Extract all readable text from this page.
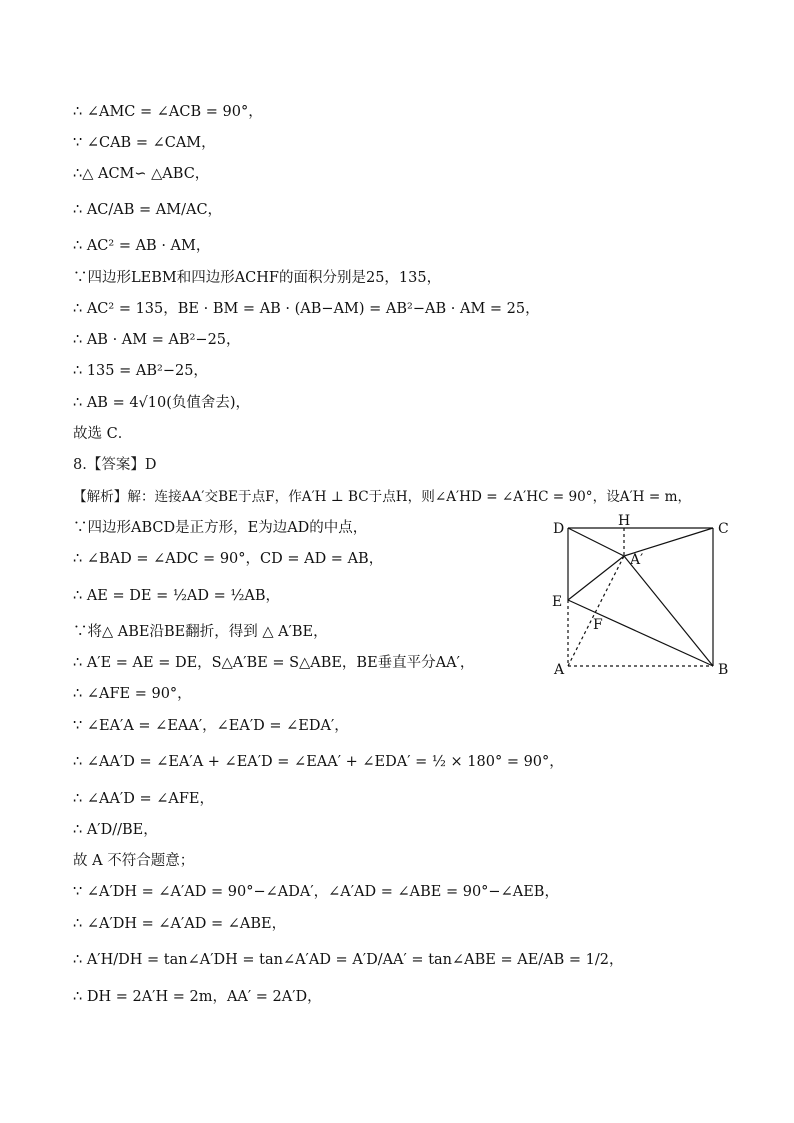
∴ ∠AMC = ∠ACB = 90°，
∵ ∠CAB = ∠CAM，
∴△ ACM∽ △ABC，
∴ AC/AB = AM/AC，
∴ AC² = AB · AM，
∵四边形LEBM和四边形ACHF的面积分别是25，135，
∴ AC² = 135，BE · BM = AB · (AB−AM) = AB²−AB · AM = 25，
∴ AB · AM = AB²−25，
∴ 135 = AB²−25，
∴ AB = 4√10(负值舍去)，
故选 C．
8.【答案】D
【解析】解：连接AA′交BE于点F，作A′H ⊥ BC于点H，则∠A′HD = ∠A′HC = 90°，设A′H = m，
∵四边形ABCD是正方形，E为边AD的中点，
∴ ∠BAD = ∠ADC = 90°，CD = AD = AB，
∴ AE = DE = ½AD = ½AB，
∵将△ ABE沿BE翻折，得到 △ A′BE，
∴ A′E = AE = DE，S△A′BE = S△ABE，BE垂直平分AA′，
∴ ∠AFE = 90°，
∵ ∠EA′A = ∠EAA′，∠EA′D = ∠EDA′，
∴ ∠AA′D = ∠EA′A + ∠EA′D = ∠EAA′ + ∠EDA′ = ½ × 180° = 90°，
∴ ∠AA′D = ∠AFE，
∴ A′D//BE，
故 A 不符合题意；
∵ ∠A′DH = ∠A′AD = 90°−∠ADA′，∠A′AD = ∠ABE = 90°−∠AEB，
∴ ∠A′DH = ∠A′AD = ∠ABE，
∴ A′H/DH = tan∠A′DH = tan∠A′AD = A′D/AA′ = tan∠ABE = AE/AB = 1/2，
∴ DH = 2A′H = 2m，AA′ = 2A′D，
D	H	C
A′
E
F
A	B
